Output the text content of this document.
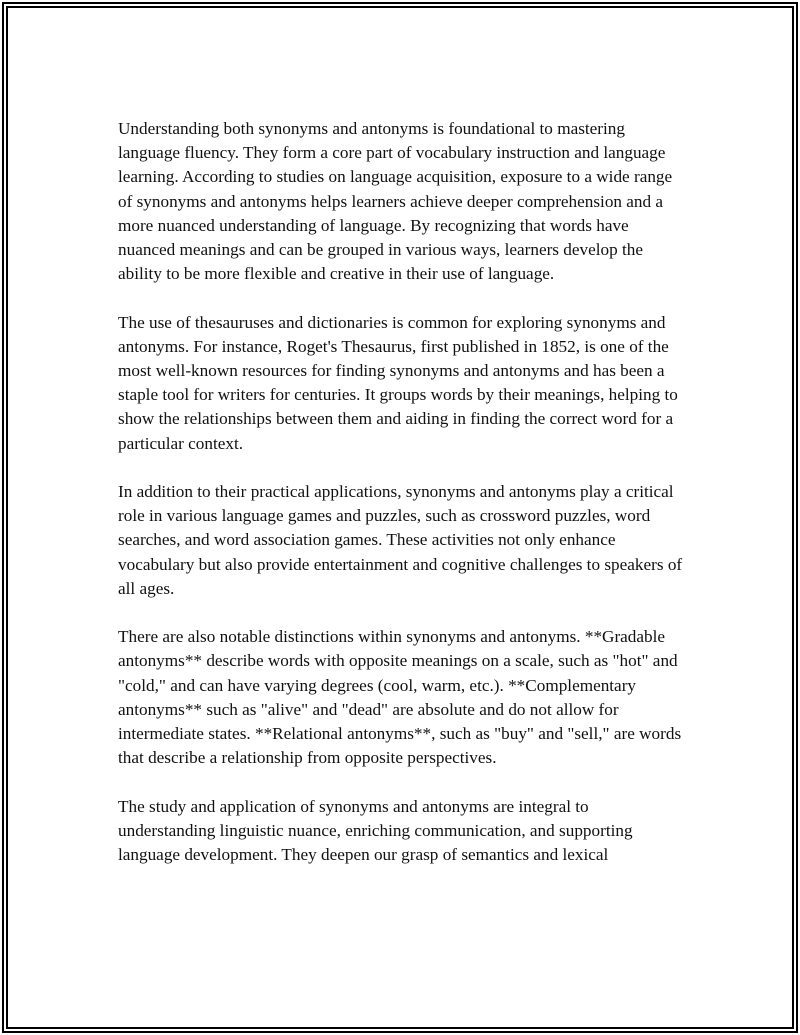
Understanding both synonyms and antonyms is foundational to mastering language fluency. They form a core part of vocabulary instruction and language learning. According to studies on language acquisition, exposure to a wide range of synonyms and antonyms helps learners achieve deeper comprehension and a more nuanced understanding of language. By recognizing that words have nuanced meanings and can be grouped in various ways, learners develop the ability to be more flexible and creative in their use of language.

The use of thesauruses and dictionaries is common for exploring synonyms and antonyms. For instance, Roget's Thesaurus, first published in 1852, is one of the most well-known resources for finding synonyms and antonyms and has been a staple tool for writers for centuries. It groups words by their meanings, helping to show the relationships between them and aiding in finding the correct word for a particular context.

In addition to their practical applications, synonyms and antonyms play a critical role in various language games and puzzles, such as crossword puzzles, word searches, and word association games. These activities not only enhance vocabulary but also provide entertainment and cognitive challenges to speakers of all ages.

There are also notable distinctions within synonyms and antonyms. **Gradable antonyms** describe words with opposite meanings on a scale, such as "hot" and "cold," and can have varying degrees (cool, warm, etc.). **Complementary antonyms** such as "alive" and "dead" are absolute and do not allow for intermediate states. **Relational antonyms**, such as "buy" and "sell," are words that describe a relationship from opposite perspectives.

The study and application of synonyms and antonyms are integral to understanding linguistic nuance, enriching communication, and supporting language development. They deepen our grasp of semantics and lexical
